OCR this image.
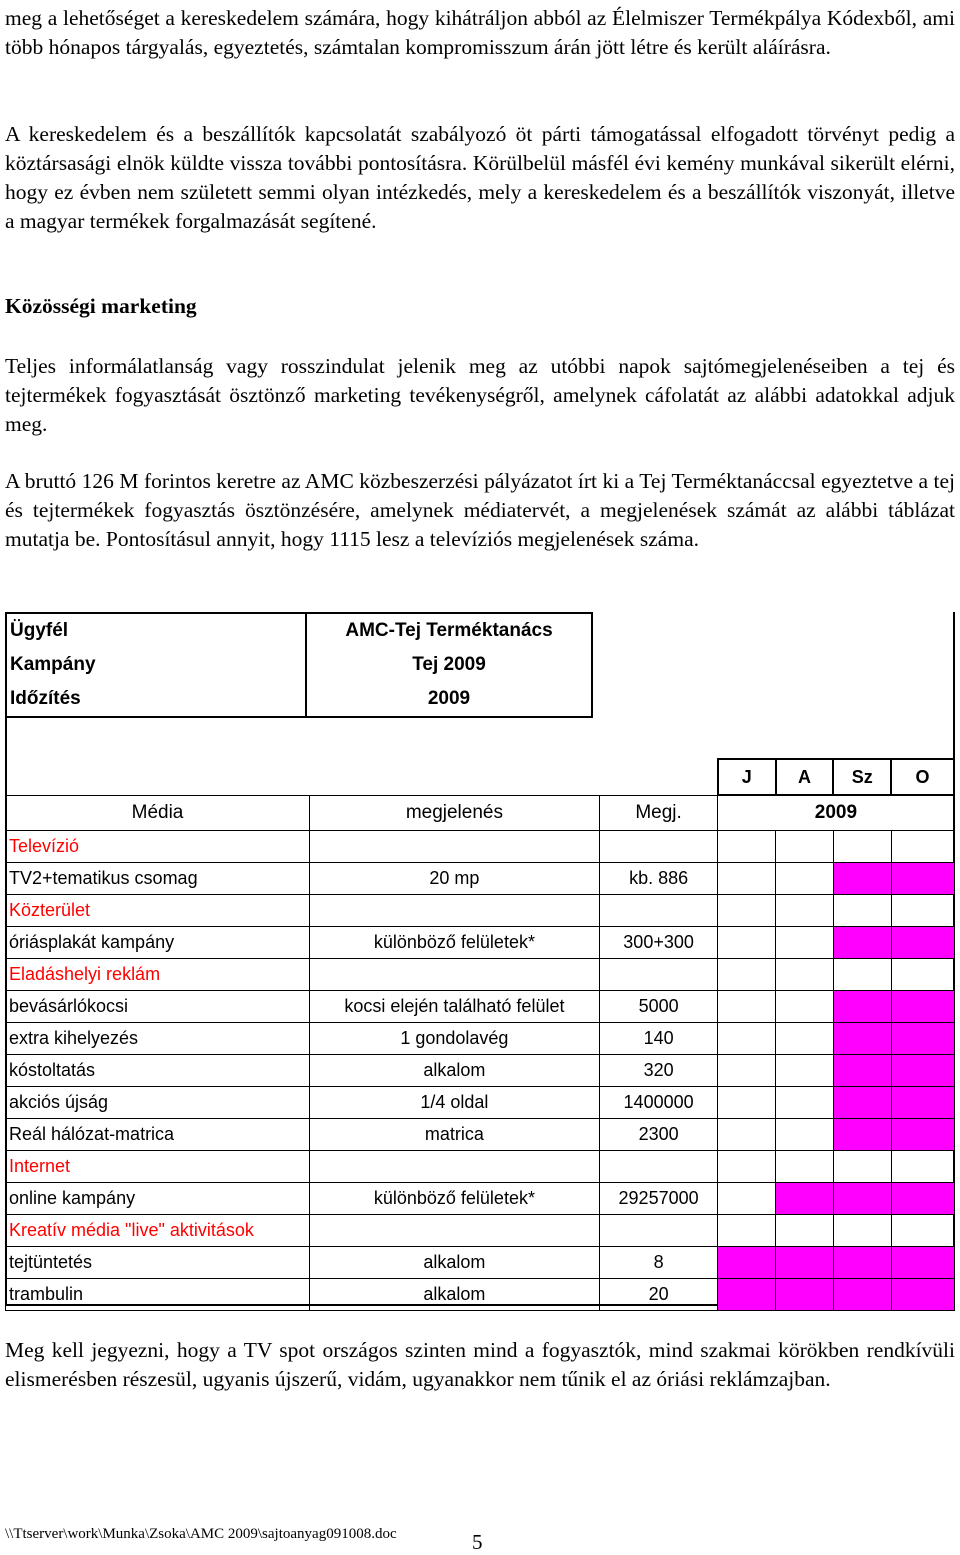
meg a lehetőséget a kereskedelem számára, hogy kihátráljon abból az Élelmiszer Termékpálya Kódexből, ami több hónapos tárgyalás, egyeztetés, számtalan kompromisszum árán jött létre és került aláírásra.

A kereskedelem és a beszállítók kapcsolatát szabályozó öt párti támogatással elfogadott törvényt pedig a köztársasági elnök küldte vissza további pontosításra. Körülbelül másfél évi kemény munkával sikerült elérni, hogy ez évben nem született semmi olyan intézkedés, mely a kereskedelem és a beszállítók viszonyát, illetve a magyar termékek forgalmazását segítené.

Közösségi marketing

Teljes informálatlanság vagy rosszindulat jelenik meg az utóbbi napok sajtómegjelenéseiben a tej és tejtermékek fogyasztását ösztönző marketing tevékenységről, amelynek cáfolatát az alábbi adatokkal adjuk meg.

A bruttó 126 M forintos keretre az AMC közbeszerzési pályázatot írt ki a Tej Terméktanáccsal egyeztetve a tej és tejtermékek fogyasztás ösztönzésére, amelynek médiatervét, a megjelenések számát az alábbi táblázat mutatja be. Pontosításul annyit, hogy 1115 lesz a televíziós megjelenések száma.

Ügyfél	AMC-Tej Terméktanács
Kampány	Tej 2009
Időzítés	2009
			J	A	Sz	O
Média	megjelenés	Megj.	2009			
Televízió						
TV2+tematikus csomag	20 mp	kb. 886				
Közterület						
óriásplakát kampány	különböző felületek*	300+300				
Eladáshelyi reklám						
bevásárlókocsi	kocsi elején található felület	5000				
extra kihelyezés	1 gondolavég	140				
kóstoltatás	alkalom	320				
akciós újság	1/4 oldal	1400000				
Reál hálózat-matrica	matrica	2300				
Internet						
online kampány	különböző felületek*	29257000				
Kreatív média "live" aktivitások						
tejtüntetés	alkalom	8				
trambulin	alkalom	20				
\\Ttserver\work\Munka\Zsoka\AMC 2009\sajtoanyag091008.doc	5

Meg kell jegyezni, hogy a TV spot országos szinten mind a fogyasztók, mind szakmai körökben rendkívüli elismerésben részesül, ugyanis újszerű, vidám, ugyanakkor nem tűnik el az óriási reklámzajban.
